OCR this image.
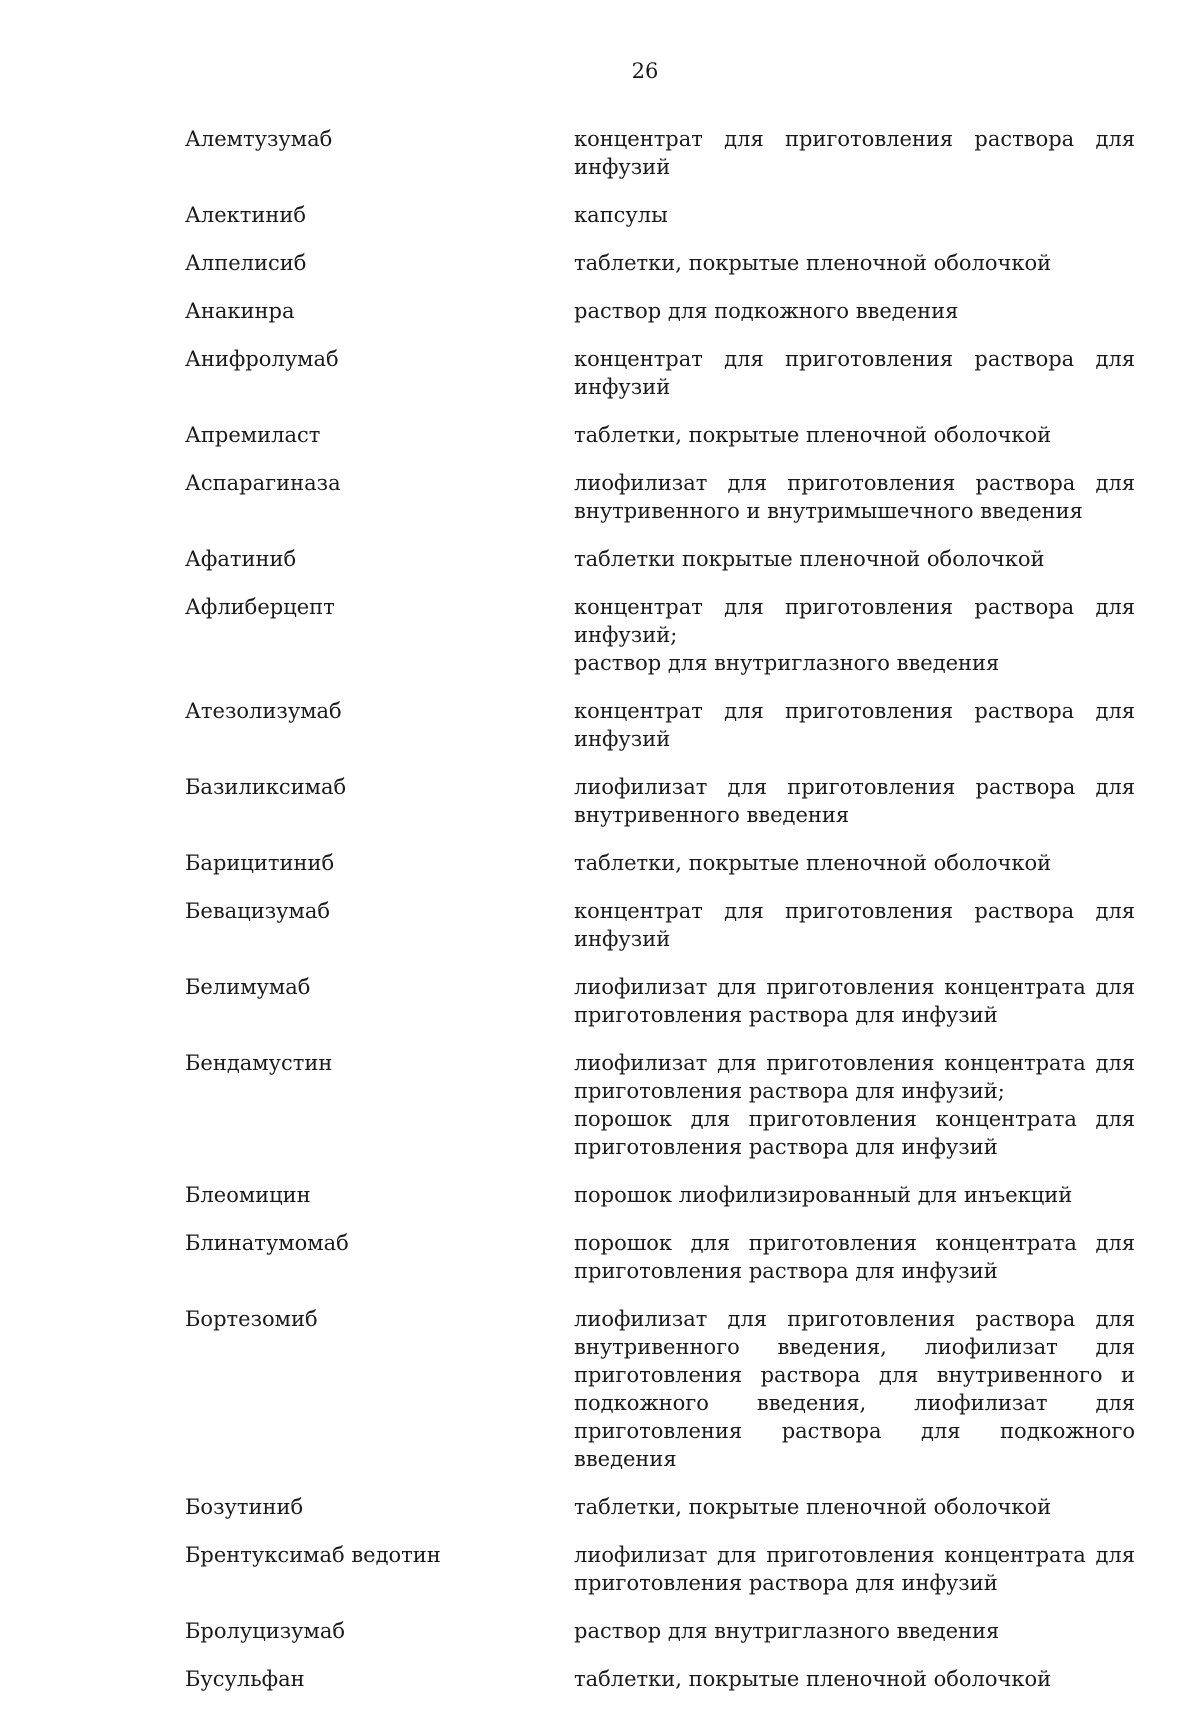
26
Алемтузумаб	концентрат для приготовления раствора для инфузий
Алектиниб	капсулы
Алпелисиб	таблетки, покрытые пленочной оболочкой
Анакинра	раствор для подкожного введения
Анифролумаб	концентрат для приготовления раствора для инфузий
Апремиласт	таблетки, покрытые пленочной оболочкой
Аспарагиназа	лиофилизат для приготовления раствора для внутривенного и внутримышечного введения
Афатиниб	таблетки покрытые пленочной оболочкой
Афлиберцепт	концентрат для приготовления раствора для инфузий;
раствор для внутриглазного введения
Атезолизумаб	концентрат для приготовления раствора для инфузий
Базиликсимаб	лиофилизат для приготовления раствора для внутривенного введения
Барицитиниб	таблетки, покрытые пленочной оболочкой
Бевацизумаб	концентрат для приготовления раствора для инфузий
Белимумаб	лиофилизат для приготовления концентрата для приготовления раствора для инфузий
Бендамустин	лиофилизат для приготовления концентрата для приготовления раствора для инфузий;
порошок для приготовления концентрата для приготовления раствора для инфузий
Блеомицин	порошок лиофилизированный для инъекций
Блинатумомаб	порошок для приготовления концентрата для приготовления раствора для инфузий
Бортезомиб	лиофилизат для приготовления раствора для внутривенного введения, лиофилизат для приготовления раствора для внутривенного и подкожного введения, лиофилизат для приготовления раствора для подкожного введения
Бозутиниб	таблетки, покрытые пленочной оболочкой
Брентуксимаб ведотин	лиофилизат для приготовления концентрата для приготовления раствора для инфузий
Бролуцизумаб	раствор для внутриглазного введения
Бусульфан	таблетки, покрытые пленочной оболочкой
